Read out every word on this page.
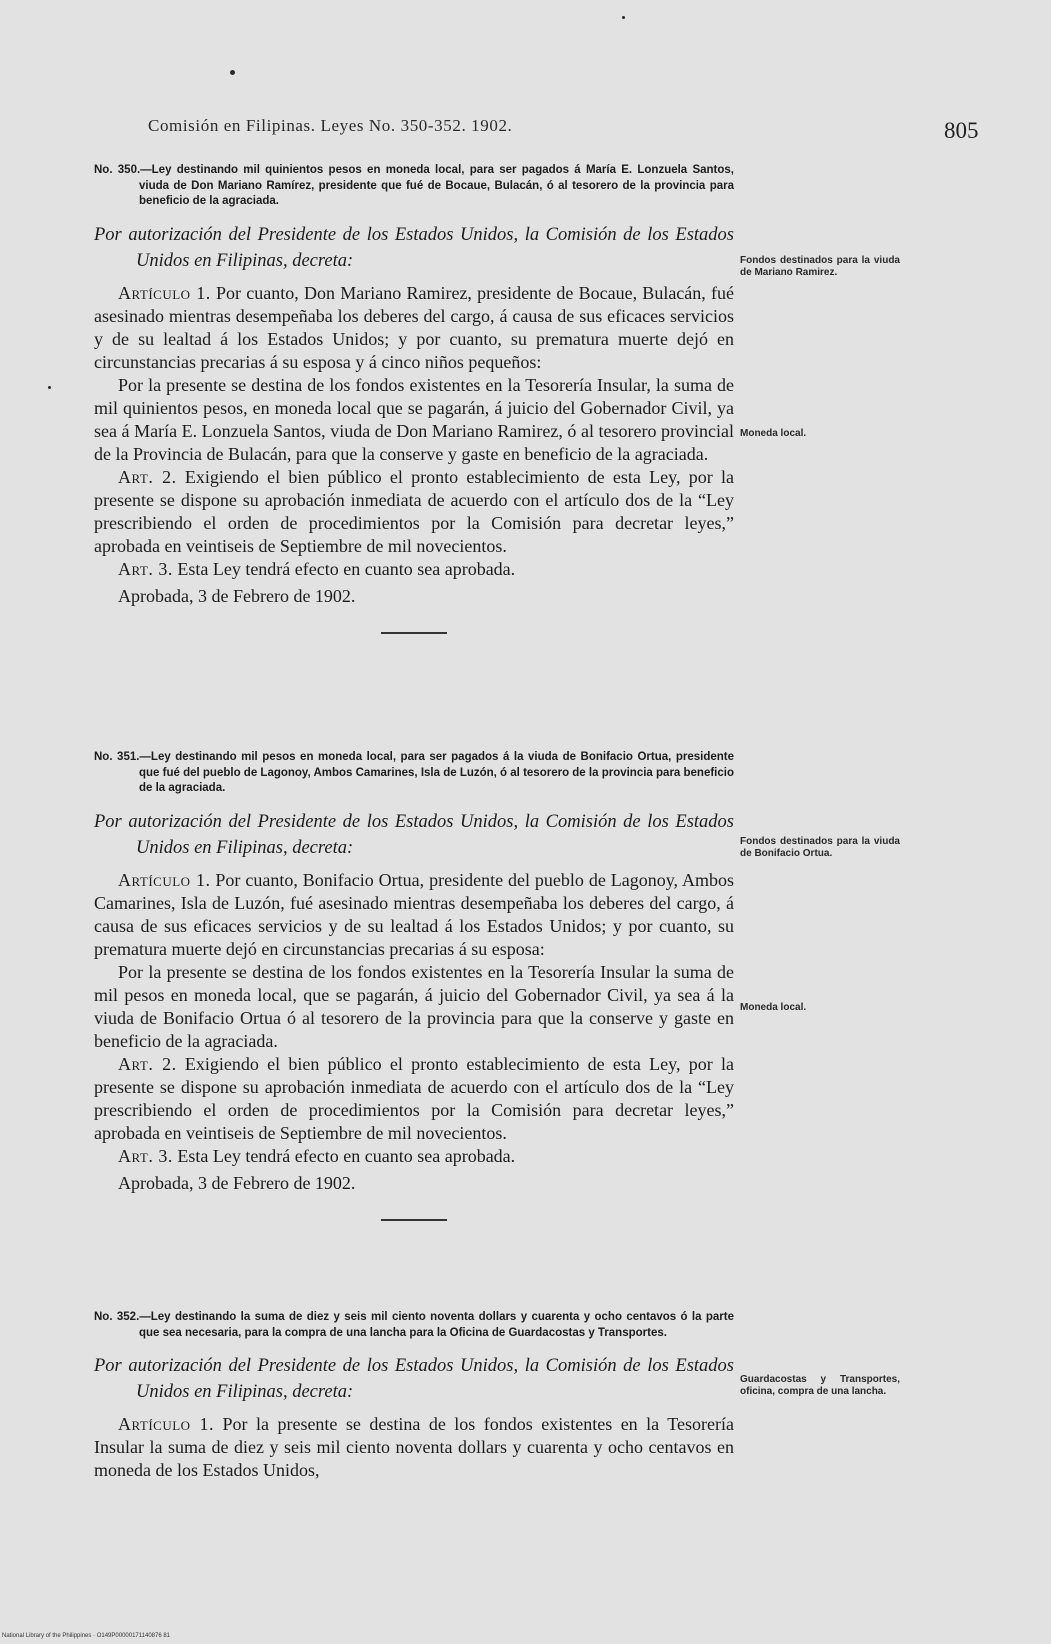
Comisión en Filipinas. Leyes No. 350-352. 1902.	805

No. 350.—Ley destinando mil quinientos pesos en moneda local, para ser pagados á María E. Lonzuela Santos, viuda de Don Mariano Ramírez, presidente que fué de Bocaue, Bulacán, ó al tesorero de la provincia para beneficio de la agraciada.

Por autorización del Presidente de los Estados Unidos, la Comisión de los Estados Unidos en Filipinas, decreta:

Artículo 1. Por cuanto, Don Mariano Ramirez, presidente de Bocaue, Bulacán, fué asesinado mientras desempeñaba los deberes del cargo, á causa de sus eficaces servicios y de su lealtad á los Estados Unidos; y por cuanto, su prematura muerte dejó en circunstancias precarias á su esposa y á cinco niños pequeños:

Por la presente se destina de los fondos existentes en la Tesorería Insular, la suma de mil quinientos pesos, en moneda local que se pagarán, á juicio del Gobernador Civil, ya sea á María E. Lonzuela Santos, viuda de Don Mariano Ramirez, ó al tesorero provincial de la Provincia de Bulacán, para que la conserve y gaste en beneficio de la agraciada.

Art. 2. Exigiendo el bien público el pronto establecimiento de esta Ley, por la presente se dispone su aprobación inmediata de acuerdo con el artículo dos de la “Ley prescribiendo el orden de procedimientos por la Comisión para decretar leyes,” aprobada en veintiseis de Septiembre de mil novecientos.

Art. 3. Esta Ley tendrá efecto en cuanto sea aprobada.

Aprobada, 3 de Febrero de 1902.

No. 351.—Ley destinando mil pesos en moneda local, para ser pagados á la viuda de Bonifacio Ortua, presidente que fué del pueblo de Lagonoy, Ambos Camarines, Isla de Luzón, ó al tesorero de la provincia para beneficio de la agraciada.

Por autorización del Presidente de los Estados Unidos, la Comisión de los Estados Unidos en Filipinas, decreta:

Artículo 1. Por cuanto, Bonifacio Ortua, presidente del pueblo de Lagonoy, Ambos Camarines, Isla de Luzón, fué asesinado mientras desempeñaba los deberes del cargo, á causa de sus eficaces servicios y de su lealtad á los Estados Unidos; y por cuanto, su prematura muerte dejó en circunstancias precarias á su esposa:

Por la presente se destina de los fondos existentes en la Tesorería Insular la suma de mil pesos en moneda local, que se pagarán, á juicio del Gobernador Civil, ya sea á la viuda de Bonifacio Ortua ó al tesorero de la provincia para que la conserve y gaste en beneficio de la agraciada.

Art. 2. Exigiendo el bien público el pronto establecimiento de esta Ley, por la presente se dispone su aprobación inmediata de acuerdo con el artículo dos de la “Ley prescribiendo el orden de procedimientos por la Comisión para decretar leyes,” aprobada en veintiseis de Septiembre de mil novecientos.

Art. 3. Esta Ley tendrá efecto en cuanto sea aprobada.

Aprobada, 3 de Febrero de 1902.

No. 352.—Ley destinando la suma de diez y seis mil ciento noventa dollars y cuarenta y ocho centavos ó la parte que sea necesaria, para la compra de una lancha para la Oficina de Guardacostas y Transportes.

Por autorización del Presidente de los Estados Unidos, la Comisión de los Estados Unidos en Filipinas, decreta:

Artículo 1. Por la presente se destina de los fondos existentes en la Tesorería Insular la suma de diez y seis mil ciento noventa dollars y cuarenta y ocho centavos en moneda de los Estados Unidos,

Fondos destinados para la viuda de Mariano Ramirez.
Moneda local.
Fondos destinados para la viuda de Bonifacio Ortua.
Moneda local.
Guardacostas y Transportes, oficina, compra de una lancha.
National Library of the Philippines · O149P00000171140876 81
